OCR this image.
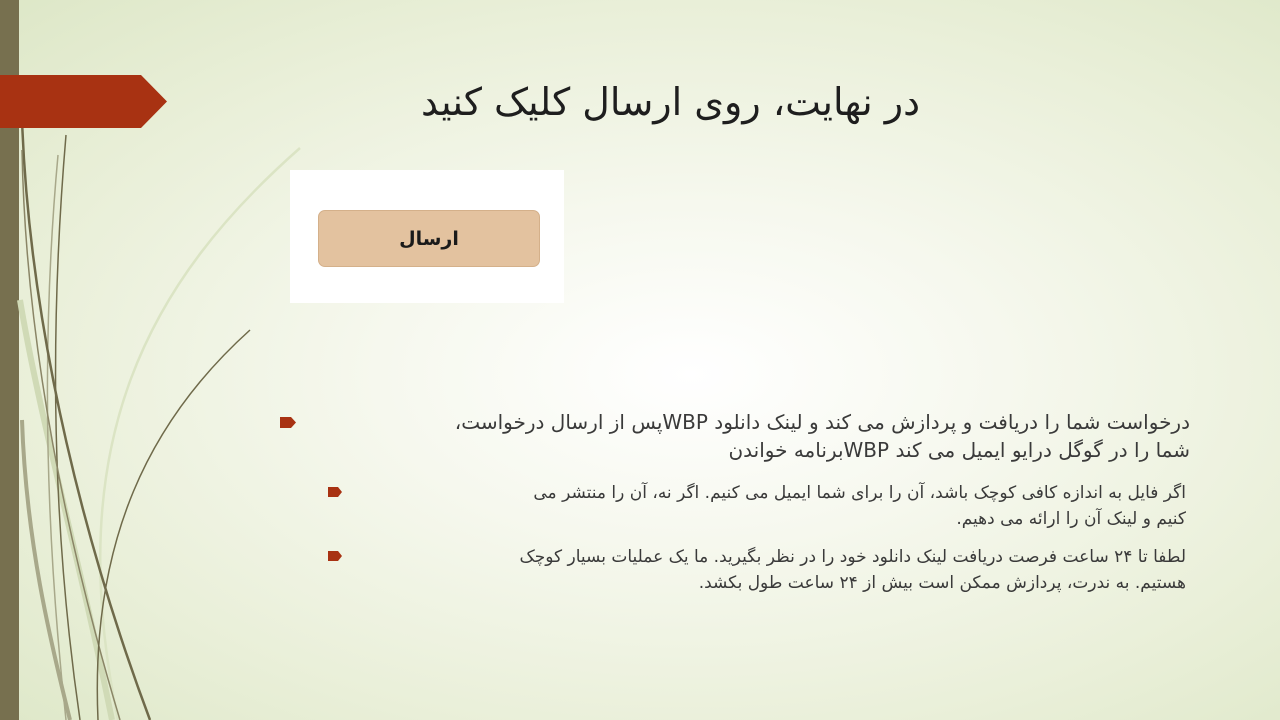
در نهایت، روی ارسال کلیک کنید
ارسال
درخواست شما را دریافت و پردازش می کند و لینک دانلود WBPپس از ارسال درخواست،
شما را در گوگل درایو ایمیل می کند WBPبرنامه خواندن
اگر فایل به اندازه کافی کوچک باشد، آن را برای شما ایمیل می کنیم. اگر نه، آن را منتشر می
کنیم و لینک آن را ارائه می دهیم.
لطفا تا ۲۴ ساعت فرصت دریافت لینک دانلود خود را در نظر بگیرید. ما یک عملیات بسیار کوچک
هستیم. به ندرت، پردازش ممکن است بیش از ۲۴ ساعت طول بکشد.
